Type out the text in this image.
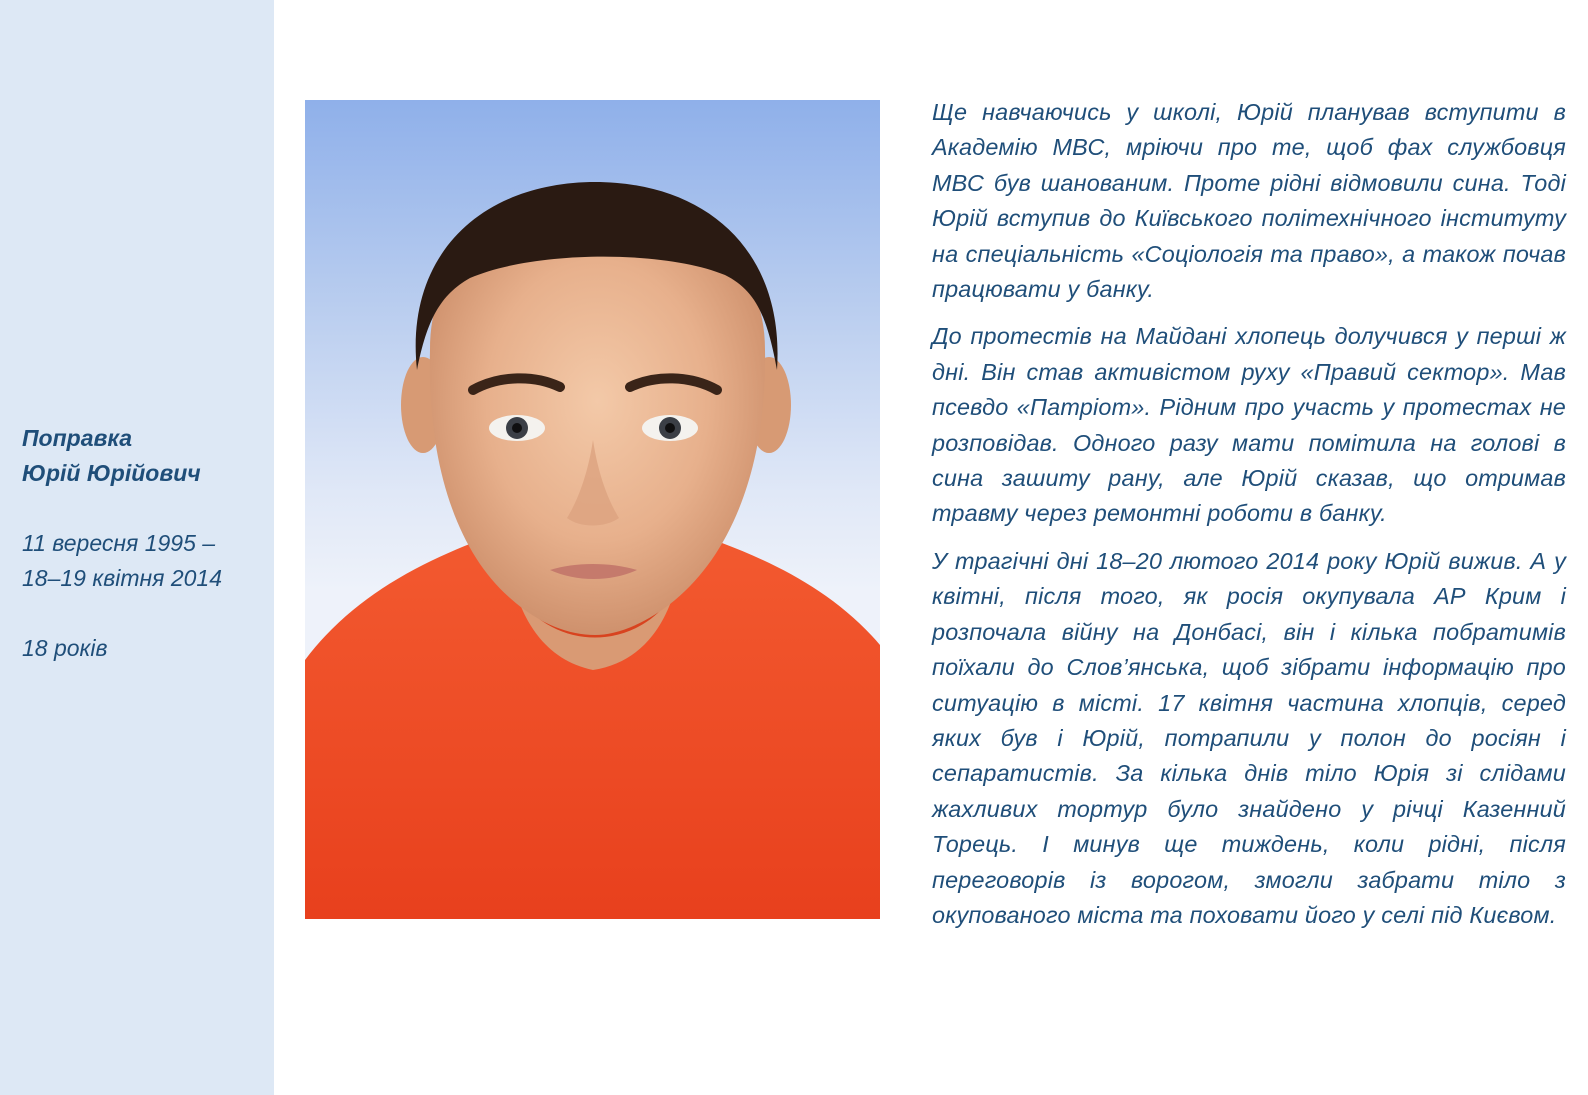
Поправка
Юрій Юрійович
11 вересня 1995 –
18–19 квітня 2014
18 років

Ще навчаючись у школі, Юрій планував вступити в Академію МВС, мріючи про те, щоб фах службовця МВС був шанованим. Проте рідні відмовили сина. Тоді Юрій вступив до Київського політехнічного інституту на спеціальність «Соціологія та право», а також почав працювати у банку.

До протестів на Майдані хлопець долучився у перші ж дні. Він став активістом руху «Правий сектор». Мав псевдо «Патріот». Рідним про участь у протестах не розповідав. Одного разу мати помітила на голові в сина зашиту рану, але Юрій сказав, що отримав травму через ремонтні роботи в банку.

У трагічні дні 18–20 лютого 2014 року Юрій вижив. А у квітні, після того, як росія окупувала АР Крим і розпочала війну на Донбасі, він і кілька побратимів поїхали до Слов’янська, щоб зібрати інформацію про ситуацію в місті. 17 квітня частина хлопців, серед яких був і Юрій, потрапили у полон до росіян і сепаратистів. За кілька днів тіло Юрія зі слідами жахливих тортур було знайдено у річці Казенний Торець. І минув ще тиждень, коли рідні, після переговорів із ворогом, змогли забрати тіло з окупованого міста та поховати його у селі під Києвом.
